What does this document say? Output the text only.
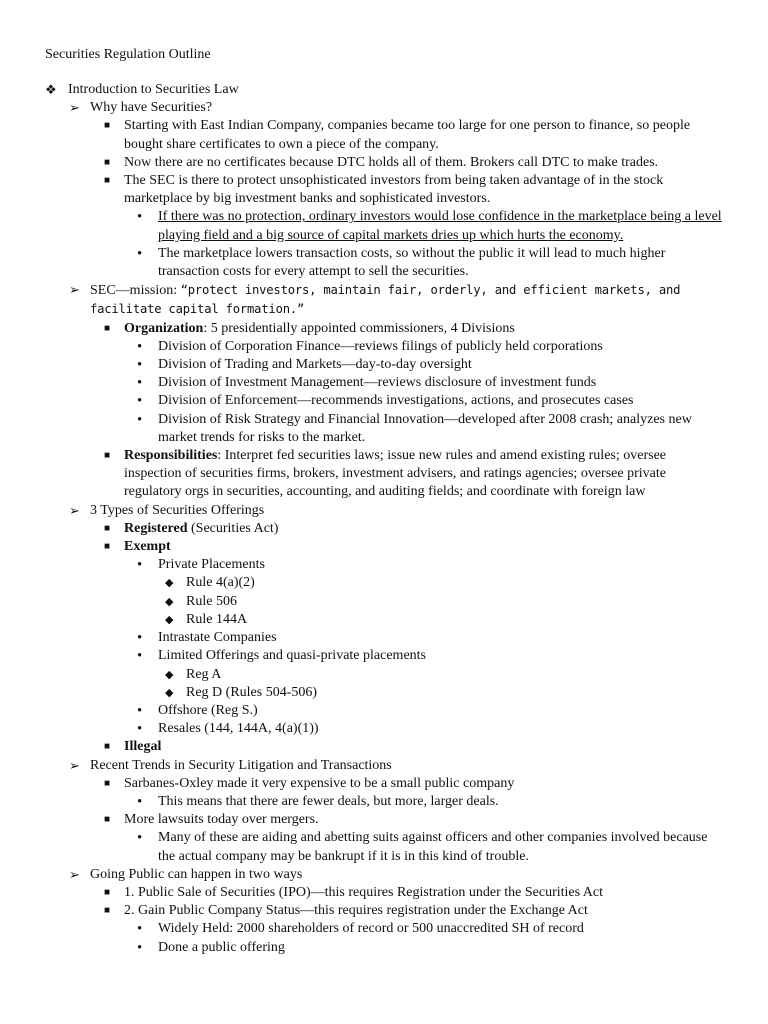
Securities Regulation Outline
❖ Introduction to Securities Law
➢ Why have Securities?
■ Starting with East Indian Company, companies became too large for one person to finance, so people bought share certificates to own a piece of the company.
■ Now there are no certificates because DTC holds all of them. Brokers call DTC to make trades.
■ The SEC is there to protect unsophisticated investors from being taken advantage of in the stock marketplace by big investment banks and sophisticated investors.
•	If there was no protection, ordinary investors would lose confidence in the marketplace being a level playing field and a big source of capital markets dries up which hurts the economy.
•	The marketplace lowers transaction costs, so without the public it will lead to much higher transaction costs for every attempt to sell the securities.
➢ SEC—mission: “protect investors, maintain fair, orderly, and efficient markets, and facilitate capital formation.”
■ Organization: 5 presidentially appointed commissioners, 4 Divisions
•	Division of Corporation Finance—reviews filings of publicly held corporations
•	Division of Trading and Markets—day-to-day oversight
•	Division of Investment Management—reviews disclosure of investment funds
•	Division of Enforcement—recommends investigations, actions, and prosecutes cases
•	Division of Risk Strategy and Financial Innovation—developed after 2008 crash; analyzes new market trends for risks to the market.
■ Responsibilities: Interpret fed securities laws; issue new rules and amend existing rules; oversee inspection of securities firms, brokers, investment advisers, and ratings agencies; oversee private regulatory orgs in securities, accounting, and auditing fields; and coordinate with foreign law
➢ 3 Types of Securities Offerings
■ Registered (Securities Act)
■ Exempt
•	Private Placements
◆ Rule 4(a)(2)
◆ Rule 506
◆ Rule 144A
•	Intrastate Companies
•	Limited Offerings and quasi-private placements
◆ Reg A
◆ Reg D (Rules 504-506)
•	Offshore (Reg S.)
•	Resales (144, 144A, 4(a)(1))
■ Illegal
➢ Recent Trends in Security Litigation and Transactions
■ Sarbanes-Oxley made it very expensive to be a small public company
•	This means that there are fewer deals, but more, larger deals.
■ More lawsuits today over mergers.
•	Many of these are aiding and abetting suits against officers and other companies involved because the actual company may be bankrupt if it is in this kind of trouble.
➢ Going Public can happen in two ways
■ 1. Public Sale of Securities (IPO)—this requires Registration under the Securities Act
■ 2. Gain Public Company Status—this requires registration under the Exchange Act
•	Widely Held: 2000 shareholders of record or 500 unaccredited SH of record
•	Done a public offering
